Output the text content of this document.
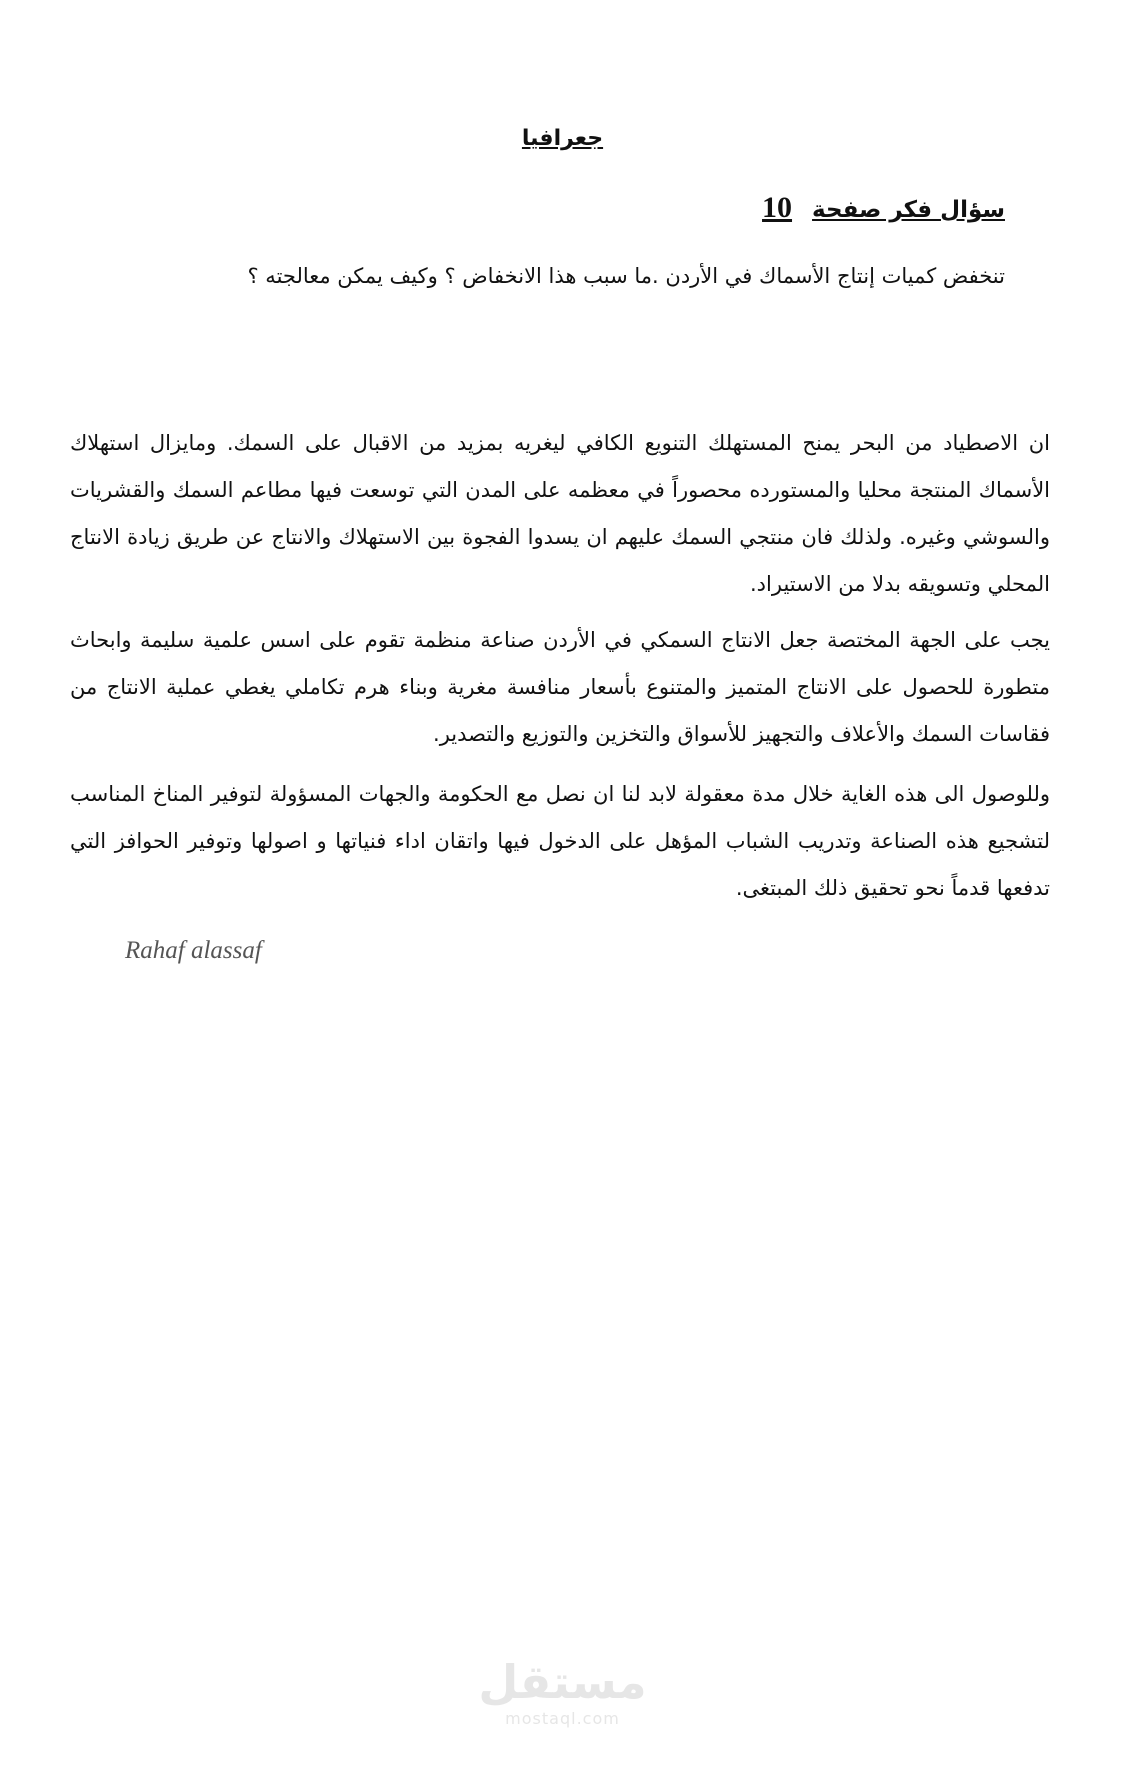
جعرافيا
سؤال فكر صفحة 10
تنخفض كميات إنتاج الأسماك في الأردن .ما سبب هذا الانخفاض ؟ وكيف يمكن معالجته ؟
ان الاصطياد من البحر يمنح المستهلك التنويع الكافي ليغريه بمزيد من الاقبال على السمك. ومايزال استهلاك الأسماك المنتجة محليا والمستورده محصوراً في معظمه على المدن التي توسعت فيها مطاعم السمك والقشريات والسوشي وغيره. ولذلك فان منتجي السمك عليهم ان يسدوا الفجوة بين الاستهلاك والانتاج عن طريق زيادة الانتاج المحلي وتسويقه بدلا من الاستيراد.
يجب على الجهة المختصة جعل الانتاج السمكي في الأردن صناعة منظمة تقوم على اسس علمية سليمة وابحاث متطورة للحصول على الانتاج المتميز والمتنوع بأسعار منافسة مغرية وبناء هرم تكاملي يغطي عملية الانتاج من فقاسات السمك والأعلاف والتجهيز للأسواق والتخزين والتوزيع والتصدير.
وللوصول الى هذه الغاية خلال مدة معقولة لابد لنا ان نصل مع الحكومة والجهات المسؤولة لتوفير المناخ المناسب لتشجيع هذه الصناعة وتدريب الشباب المؤهل على الدخول فيها واتقان اداء فنياتها و اصولها وتوفير الحوافز التي تدفعها قدماً نحو تحقيق ذلك المبتغى.
Rahaf alassaf
مستقل
mostaql.com
